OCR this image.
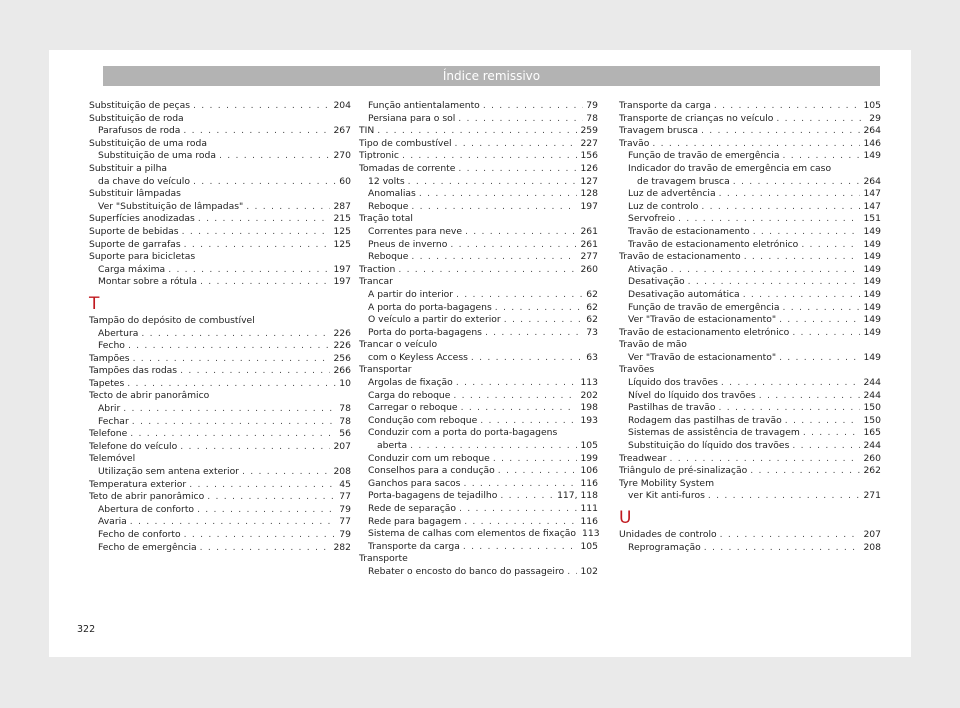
Índice remissivo
Substituição de peças . . .	204
Substituição de roda
Parafusos de roda . . .	267
Substituição de uma roda
Substituição de uma roda . . .	270
Substituir a pilha
da chave do veículo . . .	60
Substituir lâmpadas
Ver "Substituição de lâmpadas" . . .	287
Superfícies anodizadas . . .	215
Suporte de bebidas . . .	125
Suporte de garrafas . . .	125
Suporte para bicicletas
Carga máxima . . .	197
Montar sobre a rótula . . .	197
T
Tampão do depósito de combustível
Abertura . . .	226
Fecho . . .	226
Tampões . . .	256
Tampões das rodas . . .	266
Tapetes . . .	10
Tecto de abrir panorâmico
Abrir . . .	78
Fechar . . .	78
Telefone . . .	56
Telefone do veículo . . .	207
Telemóvel
Utilização sem antena exterior . . .	208
Temperatura exterior . . .	45
Teto de abrir panorâmico . . .	77
Abertura de conforto . . .	79
Avaria . . .	77
Fecho de conforto . . .	79
Fecho de emergência . . .	282
Função antientalamento . . .	79
Persiana para o sol . . .	78
TIN . . .	259
Tipo de combustível . . .	227
Tiptronic . . .	156
Tomadas de corrente . . .	126
12 volts . . .	127
Anomalias . . .	128
Reboque . . .	197
Tração total
Correntes para neve . . .	261
Pneus de inverno . . .	261
Reboque . . .	277
Traction . . .	260
Trancar
A partir do interior . . .	62
A porta do porta-bagagens . . .	62
O veículo a partir do exterior . . .	62
Porta do porta-bagagens . . .	73
Trancar o veículo
com o Keyless Access . . .	63
Transportar
Argolas de fixação . . .	113
Carga do reboque . . .	202
Carregar o reboque . . .	198
Condução com reboque . . .	193
Conduzir com a porta do porta-bagagens
aberta . . .	105
Conduzir com um reboque . . .	199
Conselhos para a condução . . .	106
Ganchos para sacos . . .	116
Porta-bagagens de tejadilho . . .	117, 118
Rede de separação . . .	111
Rede para bagagem . . .	116
Sistema de calhas com elementos de fixação 113
Transporte da carga . . .	105
Transporte
Rebater o encosto do banco do passageiro . . . 102
Transporte da carga . . .	105
Transporte de crianças no veículo . . .	29
Travagem brusca . . .	264
Travão . . .	146
Função de travão de emergência . . .	149
Indicador do travão de emergência em caso
de travagem brusca . . .	264
Luz de advertência . . .	147
Luz de controlo . . .	147
Servofreio . . .	151
Travão de estacionamento . . .	149
Travão de estacionamento eletrónico . . .	149
Travão de estacionamento . . .	149
Ativação . . .	149
Desativação . . .	149
Desativação automática . . .	149
Função de travão de emergência . . .	149
Ver "Travão de estacionamento" . . .	149
Travão de estacionamento eletrónico . . .	149
Travão de mão
Ver "Travão de estacionamento" . . .	149
Travões
Líquido dos travões . . .	244
Nível do líquido dos travões . . .	244
Pastilhas de travão . . .	150
Rodagem das pastilhas de travão . . .	150
Sistemas de assistência de travagem . . .	165
Substituição do líquido dos travões . . .	244
Treadwear . . .	260
Triângulo de pré-sinalização . . .	262
Tyre Mobility System
ver Kit anti-furos . . .	271
U
Unidades de controlo . . .	207
Reprogramação . . .	208
322
